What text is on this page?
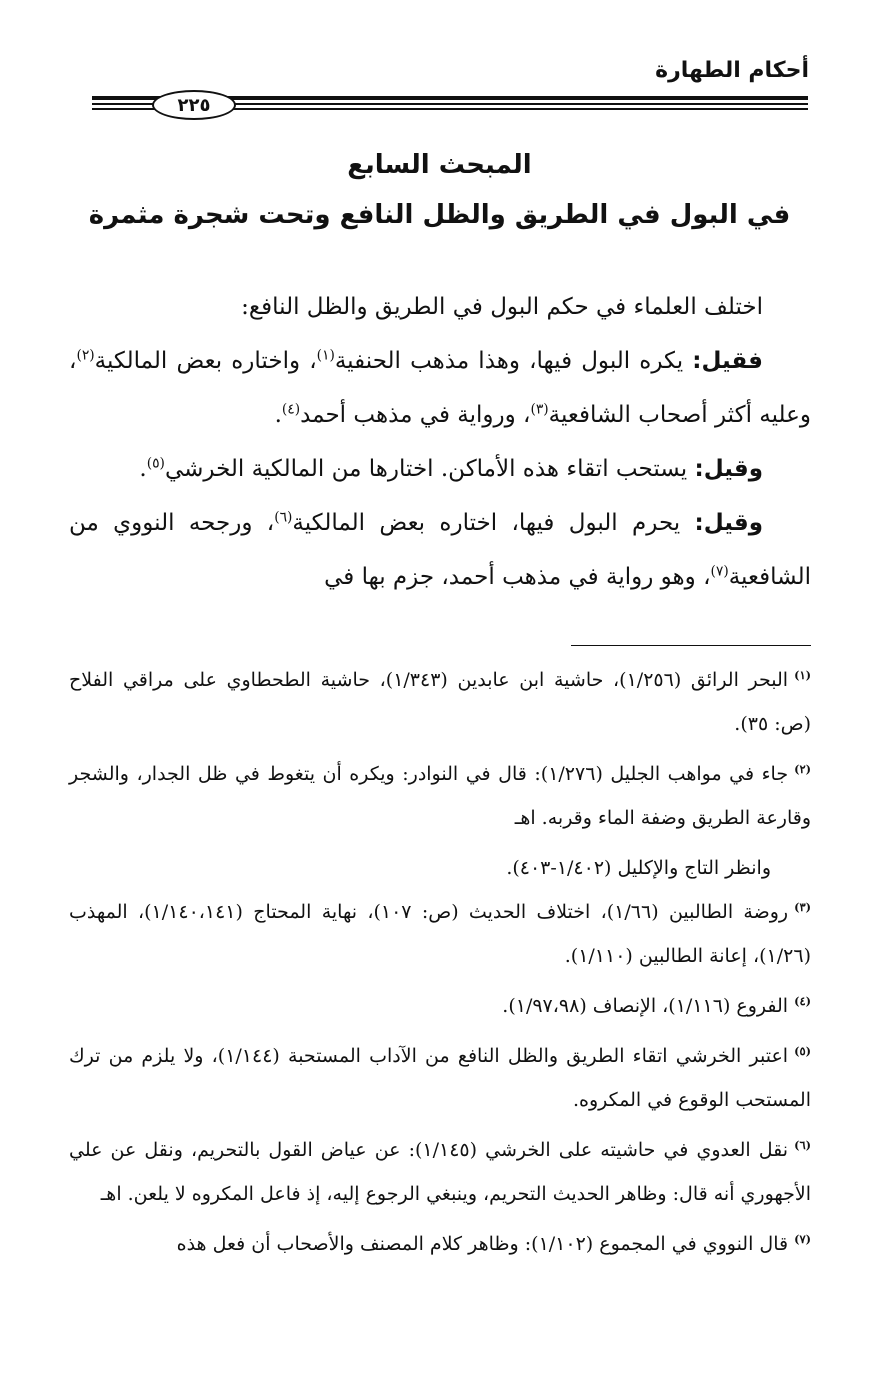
أحكام الطهارة
٢٢٥
المبحث السابع
في البول في الطريق والظل النافع وتحت شجرة مثمرة

اختلف العلماء في حكم البول في الطريق والظل النافع:

فقيل: يكره البول فيها، وهذا مذهب الحنفية$^{(١)}$، واختاره بعض المالكية$^{(٢)}$، وعليه أكثر أصحاب الشافعية$^{(٣)}$، ورواية في مذهب أحمد$^{(٤)}$.

وقيل: يستحب اتقاء هذه الأماكن. اختارها من المالكية الخرشي$^{(٥)}$.

وقيل: يحرم البول فيها، اختاره بعض المالكية$^{(٦)}$، ورجحه النووي من الشافعية$^{(٧)}$، وهو رواية في مذهب أحمد، جزم بها في

$^{(١)}$البحر الرائق (١/٢٥٦)، حاشية ابن عابدين (١/٣٤٣)، حاشية الطحطاوي على مراقي الفلاح (ص: ٣٥).

$^{(٢)}$جاء في مواهب الجليل (١/٢٧٦): قال في النوادر: ويكره أن يتغوط في ظل الجدار، والشجر وقارعة الطريق وضفة الماء وقربه. اهـ

وانظر التاج والإكليل (١/٤٠٢-٤٠٣).

$^{(٣)}$روضة الطالبين (١/٦٦)، اختلاف الحديث (ص: ١٠٧)، نهاية المحتاج (١/١٤٠،١٤١)، المهذب (١/٢٦)، إعانة الطالبين (١/١١٠).

$^{(٤)}$الفروع (١/١١٦)، الإنصاف (١/٩٧،٩٨).

$^{(٥)}$اعتبر الخرشي اتقاء الطريق والظل النافع من الآداب المستحبة (١/١٤٤)، ولا يلزم من ترك المستحب الوقوع في المكروه.

$^{(٦)}$نقل العدوي في حاشيته على الخرشي (١/١٤٥): عن عياض القول بالتحريم، ونقل عن علي الأجهوري أنه قال: وظاهر الحديث التحريم، وينبغي الرجوع إليه، إذ فاعل المكروه لا يلعن. اهـ

$^{(٧)}$قال النووي في المجموع (١/١٠٢): وظاهر كلام المصنف والأصحاب أن فعل هذه
